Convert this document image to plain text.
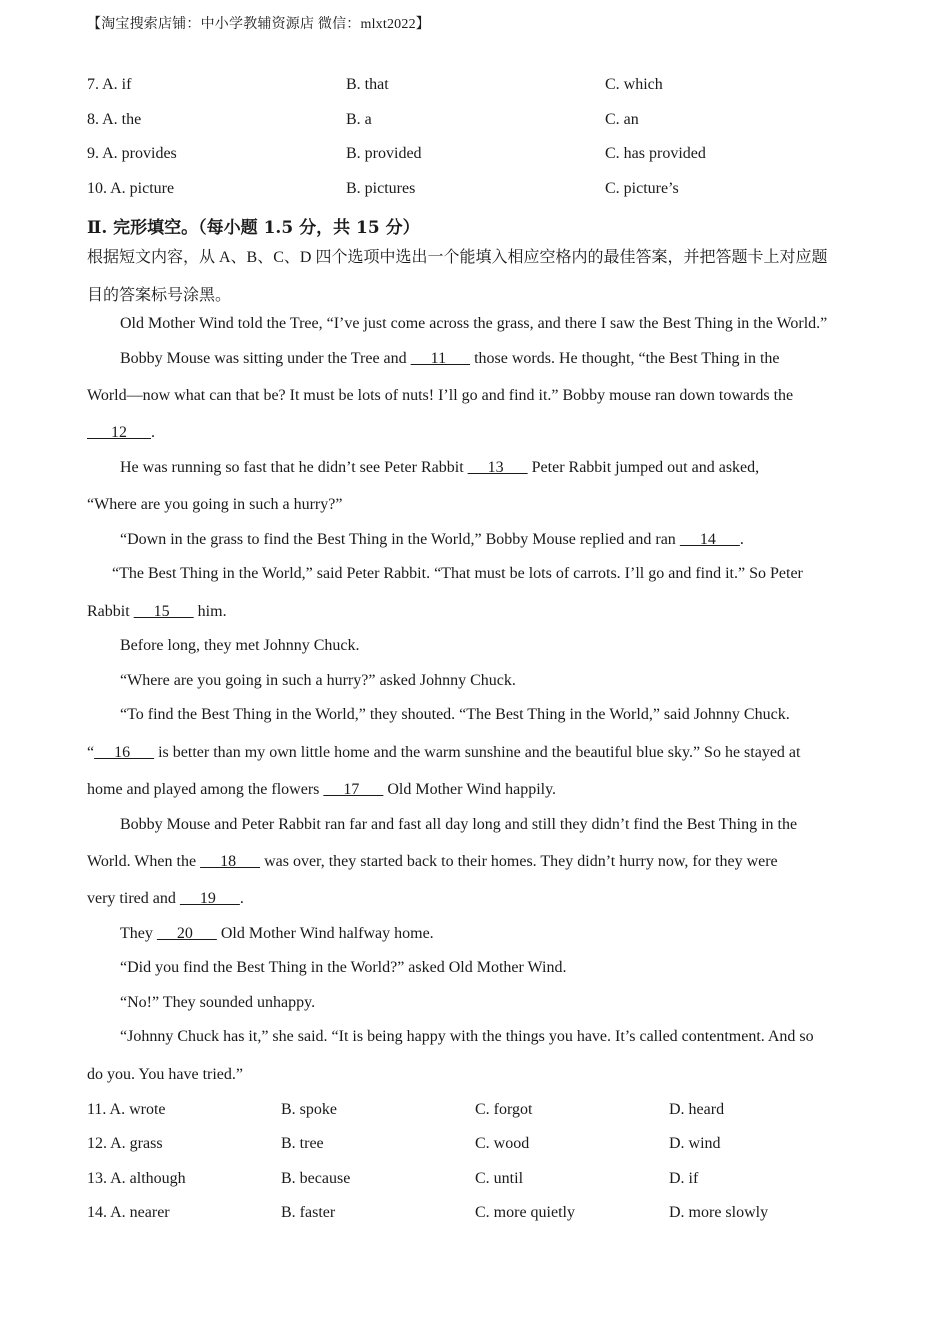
【淘宝搜索店铺：中小学教辅资源店 微信：mlxt2022】
7. A. if	B. that	C. which
8. A. the	B. a	C. an
9. A. provides	B. provided	C. has provided
10. A. picture	B. pictures	C. picture’s
Ⅱ. 完形填空。（每小题 1.5 分，共 15 分）
根据短文内容，从 A、B、C、D 四个选项中选出一个能填入相应空格内的最佳答案，并把答题卡上对应题
目的答案标号涂黑。
Old Mother Wind told the Tree, “I’ve just come across the grass, and there I saw the Best Thing in the World.”
Bobby Mouse was sitting under the Tree and      11       those words. He thought, “the Best Thing in the
World—now what can that be? It must be lots of nuts! I’ll go and find it.” Bobby mouse ran down towards the
12      .
He was running so fast that he didn’t see Peter Rabbit      13       Peter Rabbit jumped out and asked,
“Where are you going in such a hurry?”
“Down in the grass to find the Best Thing in the World,” Bobby Mouse replied and ran      14      .
“The Best Thing in the World,” said Peter Rabbit. “That must be lots of carrots. I’ll go and find it.” So Peter
Rabbit      15       him.
Before long, they met Johnny Chuck.
“Where are you going in such a hurry?” asked Johnny Chuck.
“To find the Best Thing in the World,” they shouted. “The Best Thing in the World,” said Johnny Chuck.
“     16       is better than my own little home and the warm sunshine and the beautiful blue sky.” So he stayed at
home and played among the flowers      17       Old Mother Wind happily.
Bobby Mouse and Peter Rabbit ran far and fast all day long and still they didn’t find the Best Thing in the
World. When the      18       was over, they started back to their homes. They didn’t hurry now, for they were
very tired and      19      .
They      20       Old Mother Wind halfway home.
“Did you find the Best Thing in the World?” asked Old Mother Wind.
“No!” They sounded unhappy.
“Johnny Chuck has it,” she said. “It is being happy with the things you have. It’s called contentment. And so
do you. You have tried.”
11. A. wrote	B. spoke	C. forgot	D. heard
12. A. grass	B. tree	C. wood	D. wind
13. A. although	B. because	C. until	D. if
14. A. nearer	B. faster	C. more quietly	D. more slowly
